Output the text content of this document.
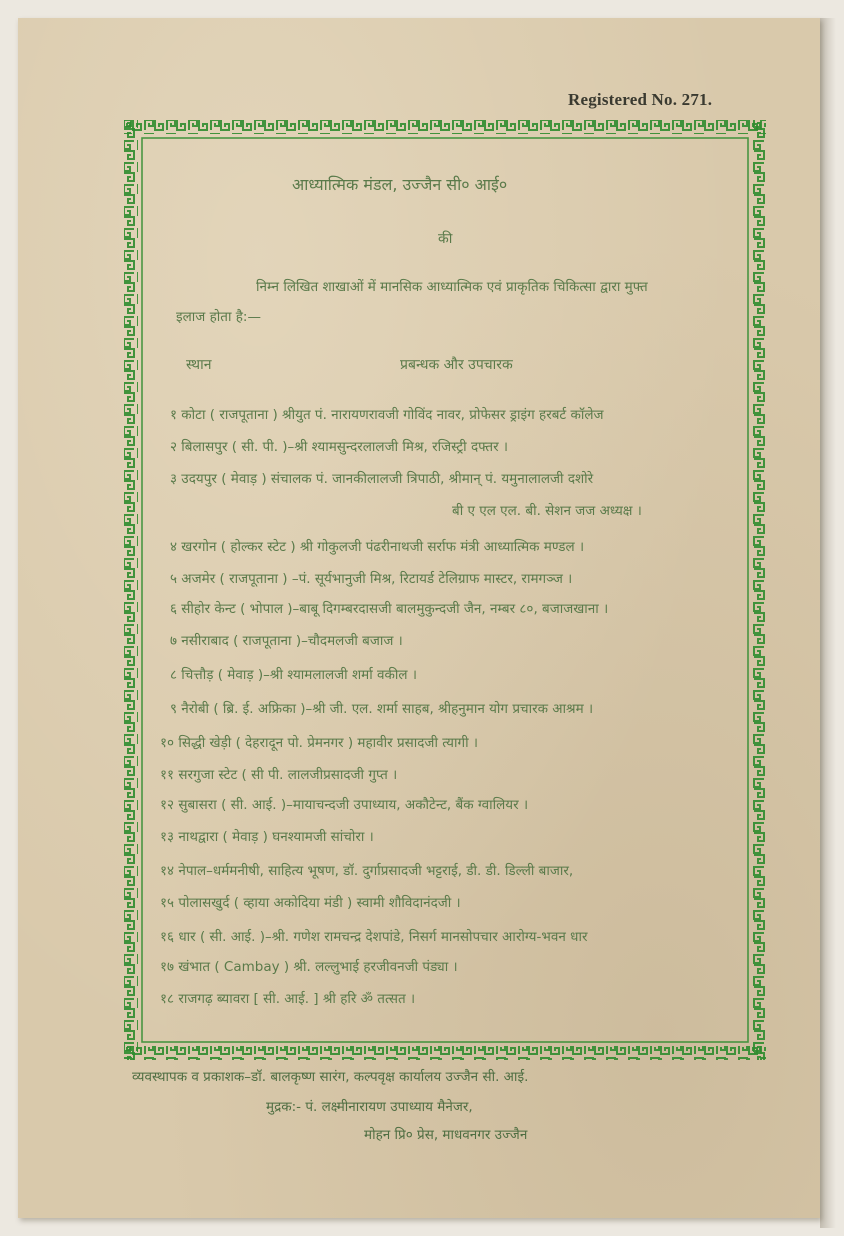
Registered No. 271.
आध्यात्मिक मंडल, उज्जैन सी० आई०
की
निम्न लिखित शाखाओं में मानसिक आध्यात्मिक एवं प्राकृतिक चिकित्सा द्वारा मुफ्त
इलाज होता है:—
स्थान	प्रबन्धक और उपचारक
१ कोटा ( राजपूताना ) श्रीयुत पं. नारायणरावजी गोविंद नावर, प्रोफेसर ड्राइंग हरबर्ट कॉलेज
२ बिलासपुर ( सी. पी. )–श्री श्यामसुन्दरलालजी मिश्र, रजिस्ट्री दफ्तर ।
३ उदयपुर ( मेवाड़ ) संचालक पं. जानकीलालजी त्रिपाठी, श्रीमान् पं. यमुनालालजी दशोरे
बी ए एल एल. बी. सेशन जज अध्यक्ष ।
४ खरगोन ( होल्कर स्टेट ) श्री गोकुलजी पंढरीनाथजी सर्राफ मंत्री आध्यात्मिक मण्डल ।
५ अजमेर ( राजपूताना ) –पं. सूर्यभानुजी मिश्र, रिटायर्ड टेलिग्राफ मास्टर, रामगञ्ज ।
६ सीहोर केन्ट ( भोपाल )–बाबू दिगम्बरदासजी बालमुकुन्दजी जैन, नम्बर ८०, बजाजखाना ।
७ नसीराबाद ( राजपूताना )–चौदमलजी बजाज ।
८ चित्तौड़ ( मेवाड़ )–श्री श्यामलालजी शर्मा वकील ।
९ नैरोबी ( ब्रि. ई. अफ्रिका )–श्री जी. एल. शर्मा साहब, श्रीहनुमान योग प्रचारक आश्रम ।
१० सिद्धी खेड़ी ( देहरादून पो. प्रेमनगर ) महावीर प्रसादजी त्यागी ।
११ सरगुजा स्टेट ( सी पी. लालजीप्रसादजी गुप्त ।
१२ सुबासरा ( सी. आई. )–मायाचन्दजी उपाध्याय, अकौटेन्ट, बैंक ग्वालियर ।
१३ नाथद्वारा ( मेवाड़ ) घनश्यामजी सांचोरा ।
१४ नेपाल–धर्ममनीषी, साहित्य भूषण, डॉ. दुर्गाप्रसादजी भट्टराई, डी. डी. डिल्ली बाजार,
१५ पोलासखुर्द ( व्हाया अकोदिया मंडी ) स्वामी शौविदानंदजी ।
१६ धार ( सी. आई. )–श्री. गणेश रामचन्द्र देशपांडे, निसर्ग मानसोपचार आरोग्य-भवन धार
१७ खंभात ( Cambay ) श्री. लल्लुभाई हरजीवनजी पंड्या ।
१८ राजगढ़ ब्यावरा [ सी. आई. ] श्री हरि ॐ तत्सत ।
व्यवस्थापक व प्रकाशक–डॉ. बालकृष्ण सारंग, कल्पवृक्ष कार्यालय उज्जैन सी. आई.
मुद्रक:- पं. लक्ष्मीनारायण उपाध्याय मैनेजर,
मोहन प्रि० प्रेस, माधवनगर उज्जैन
